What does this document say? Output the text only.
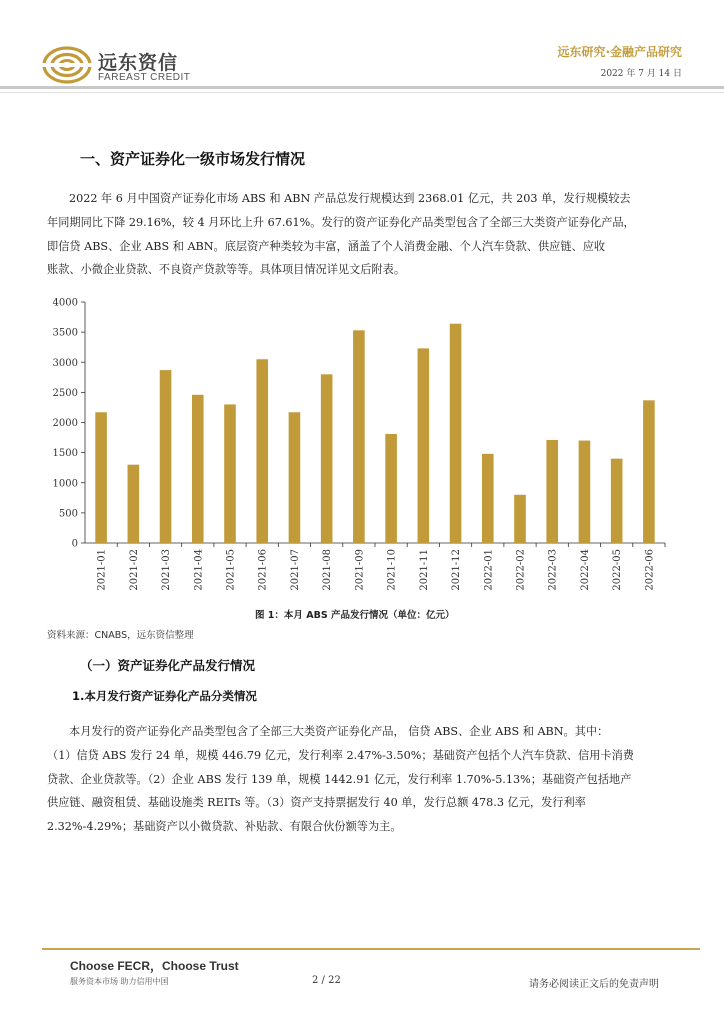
远东资信
FAREAST CREDIT
远东研究·金融产品研究
2022 年 7 月 14 日
一、资产证券化一级市场发行情况
2022 年 6 月中国资产证券化市场 ABS 和 ABN 产品总发行规模达到 2368.01 亿元，共 203 单，发行规模较去
年同期同比下降 29.16%，较 4 月环比上升 67.61%。发行的资产证券化产品类型包含了全部三大类资产证券化产品，
即信贷 ABS、企业 ABS 和 ABN。底层资产种类较为丰富，涵盖了个人消费金融、个人汽车贷款、供应链、应收
账款、小微企业贷款、不良资产贷款等等。具体项目情况详见文后附表。
0
500
1000
1500
2000
2500
3000
3500
4000
2021-01 2021-02 2021-03 2021-04 2021-05 2021-06 2021-07 2021-08 2021-09 2021-10 2021-11 2021-12 2022-01 2022-02 2022-03 2022-04 2022-05 2022-06
图 1：本月 ABS 产品发行情况（单位：亿元）
资料来源：CNABS，远东资信整理
（一）资产证券化产品发行情况
1.本月发行资产证券化产品分类情况
本月发行的资产证券化产品类型包含了全部三大类资产证券化产品， 信贷 ABS、企业 ABS 和 ABN。其中：
（1）信贷 ABS 发行 24 单，规模 446.79 亿元，发行利率 2.47%-3.50%；基础资产包括个人汽车贷款、信用卡消费
贷款、企业贷款等。（2）企业 ABS 发行 139 单，规模 1442.91 亿元，发行利率 1.70%-5.13%；基础资产包括地产
供应链、融资租赁、基础设施类 REITs 等。（3）资产支持票据发行 40 单，发行总额 478.3 亿元，发行利率
2.32%-4.29%；基础资产以小微贷款、补贴款、有限合伙份额等为主。
Choose FECR，Choose Trust
服务资本市场 助力信用中国	2 / 22	请务必阅读正文后的免责声明
